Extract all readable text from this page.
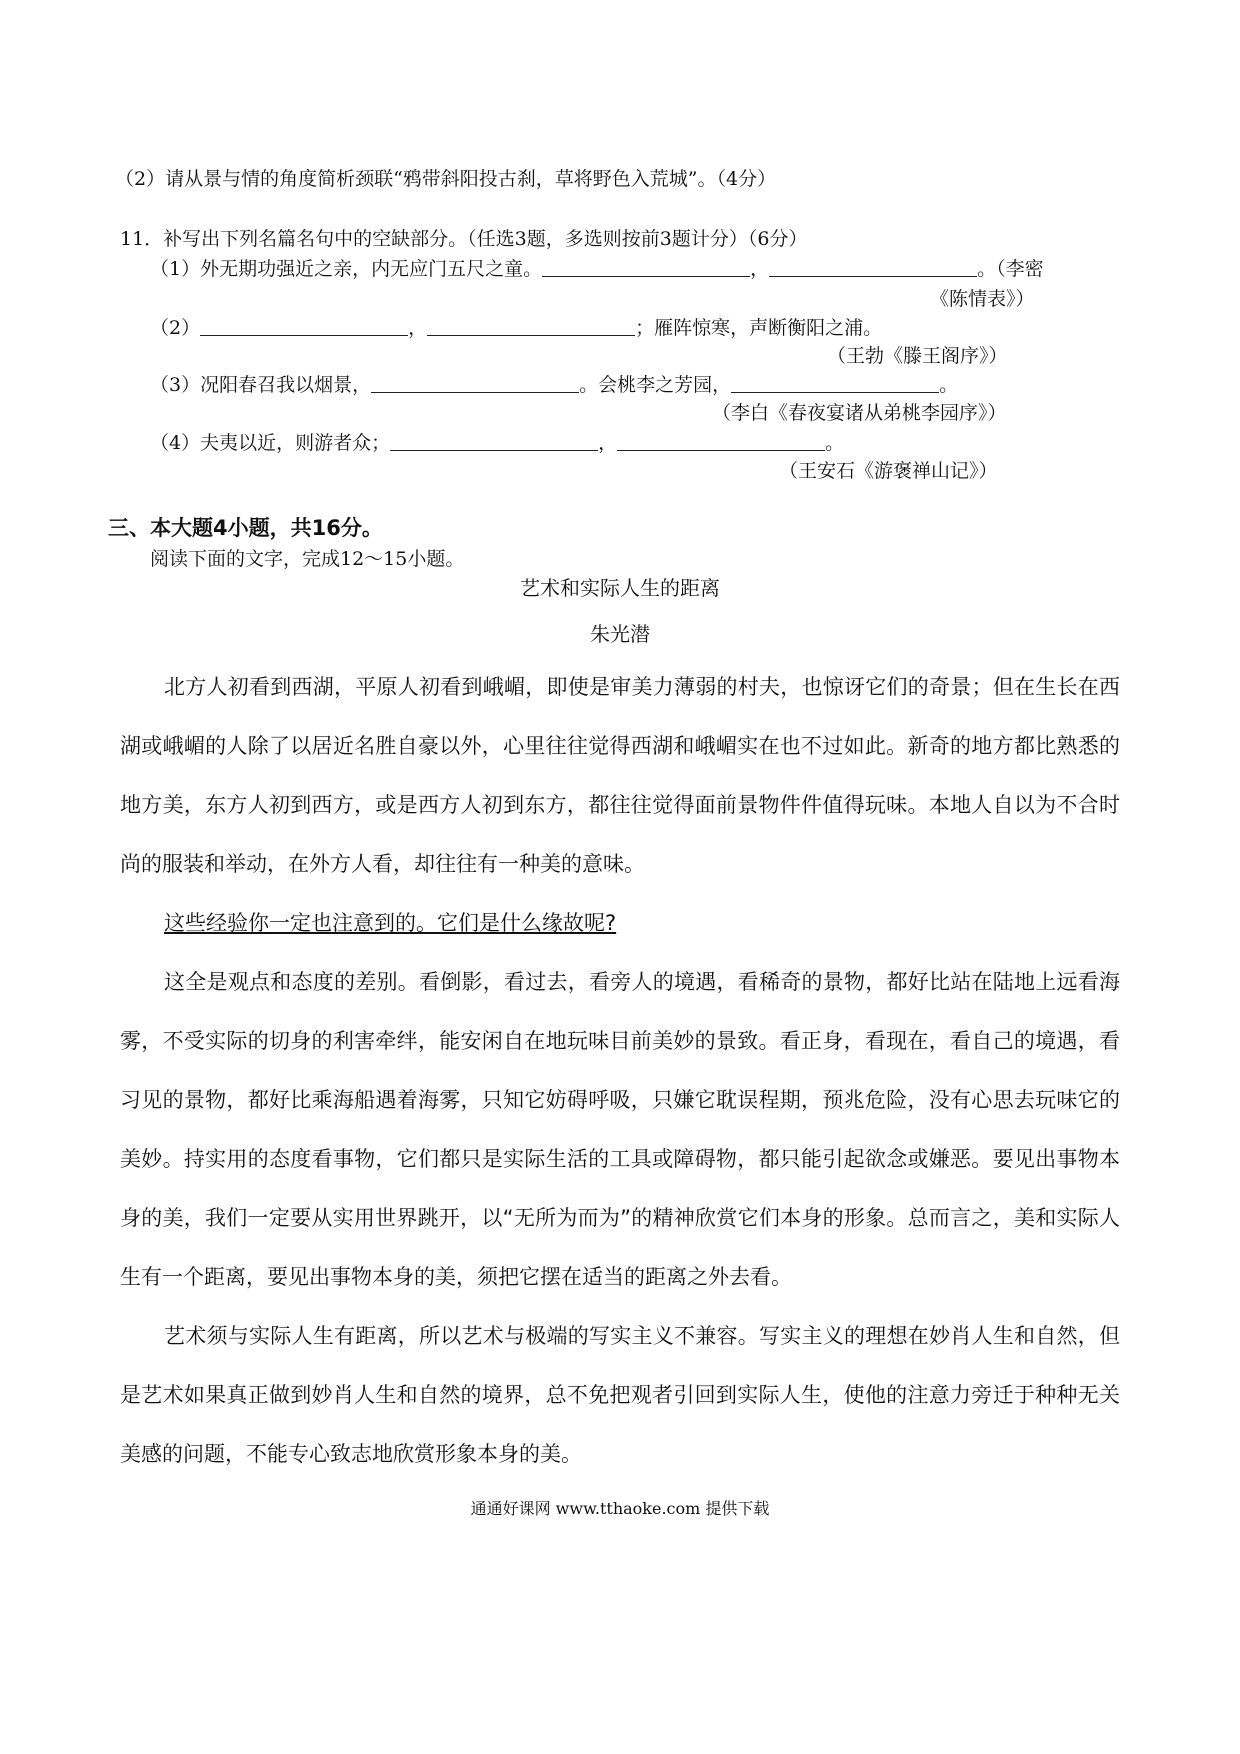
（2）请从景与情的角度简析颈联“鸦带斜阳投古刹，草将野色入荒城”。（4分）
11．补写出下列名篇名句中的空缺部分。（任选3题，多选则按前3题计分）（6分）
（1）外无期功强近之亲，内无应门五尺之童。	，	。（李密
《陈情表》）
（2）	，	；雁阵惊寒，声断衡阳之浦。
（王勃《滕王阁序》）
（3）况阳春召我以烟景，	。会桃李之芳园，	。
（李白《春夜宴诸从弟桃李园序》）
（4）夫夷以近，则游者众；	，	。
（王安石《游褒禅山记》）
三、本大题4小题，共16分。
阅读下面的文字，完成12～15小题。
艺术和实际人生的距离
朱光潜
北方人初看到西湖，平原人初看到峨嵋，即使是审美力薄弱的村夫，也惊讶它们的奇景；但在生长在西湖或峨嵋的人除了以居近名胜自豪以外，心里往往觉得西湖和峨嵋实在也不过如此。新奇的地方都比熟悉的地方美，东方人初到西方，或是西方人初到东方，都往往觉得面前景物件件值得玩味。本地人自以为不合时尚的服装和举动，在外方人看，却往往有一种美的意味。
这些经验你一定也注意到的。它们是什么缘故呢?
这全是观点和态度的差别。看倒影，看过去，看旁人的境遇，看稀奇的景物，都好比站在陆地上远看海雾，不受实际的切身的利害牵绊，能安闲自在地玩味目前美妙的景致。看正身，看现在，看自己的境遇，看习见的景物，都好比乘海船遇着海雾，只知它妨碍呼吸，只嫌它耽误程期，预兆危险，没有心思去玩味它的美妙。持实用的态度看事物，它们都只是实际生活的工具或障碍物，都只能引起欲念或嫌恶。要见出事物本身的美，我们一定要从实用世界跳开，以“无所为而为”的精神欣赏它们本身的形象。总而言之，美和实际人生有一个距离，要见出事物本身的美，须把它摆在适当的距离之外去看。
艺术须与实际人生有距离，所以艺术与极端的写实主义不兼容。写实主义的理想在妙肖人生和自然，但是艺术如果真正做到妙肖人生和自然的境界，总不免把观者引回到实际人生，使他的注意力旁迁于种种无关美感的问题，不能专心致志地欣赏形象本身的美。
通通好课网 www.tthaoke.com 提供下载
